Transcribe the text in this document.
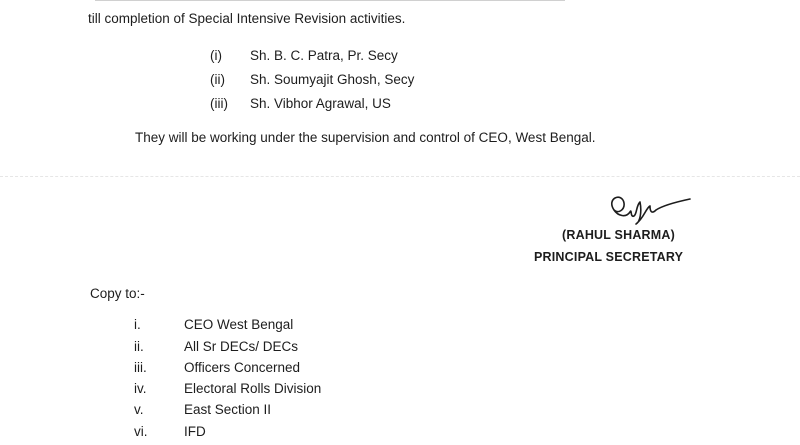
till completion of Special Intensive Revision activities.
(i) Sh. B. C. Patra, Pr. Secy
(ii) Sh. Soumyajit Ghosh, Secy
(iii) Sh. Vibhor Agrawal, US
They will be working under the supervision and control of CEO, West Bengal.
(RAHUL SHARMA)
PRINCIPAL SECRETARY
Copy to:-
i.	CEO West Bengal
ii.	All Sr DECs/ DECs
iii.	Officers Concerned
iv.	Electoral Rolls Division
v.	East Section II
vi.	IFD
